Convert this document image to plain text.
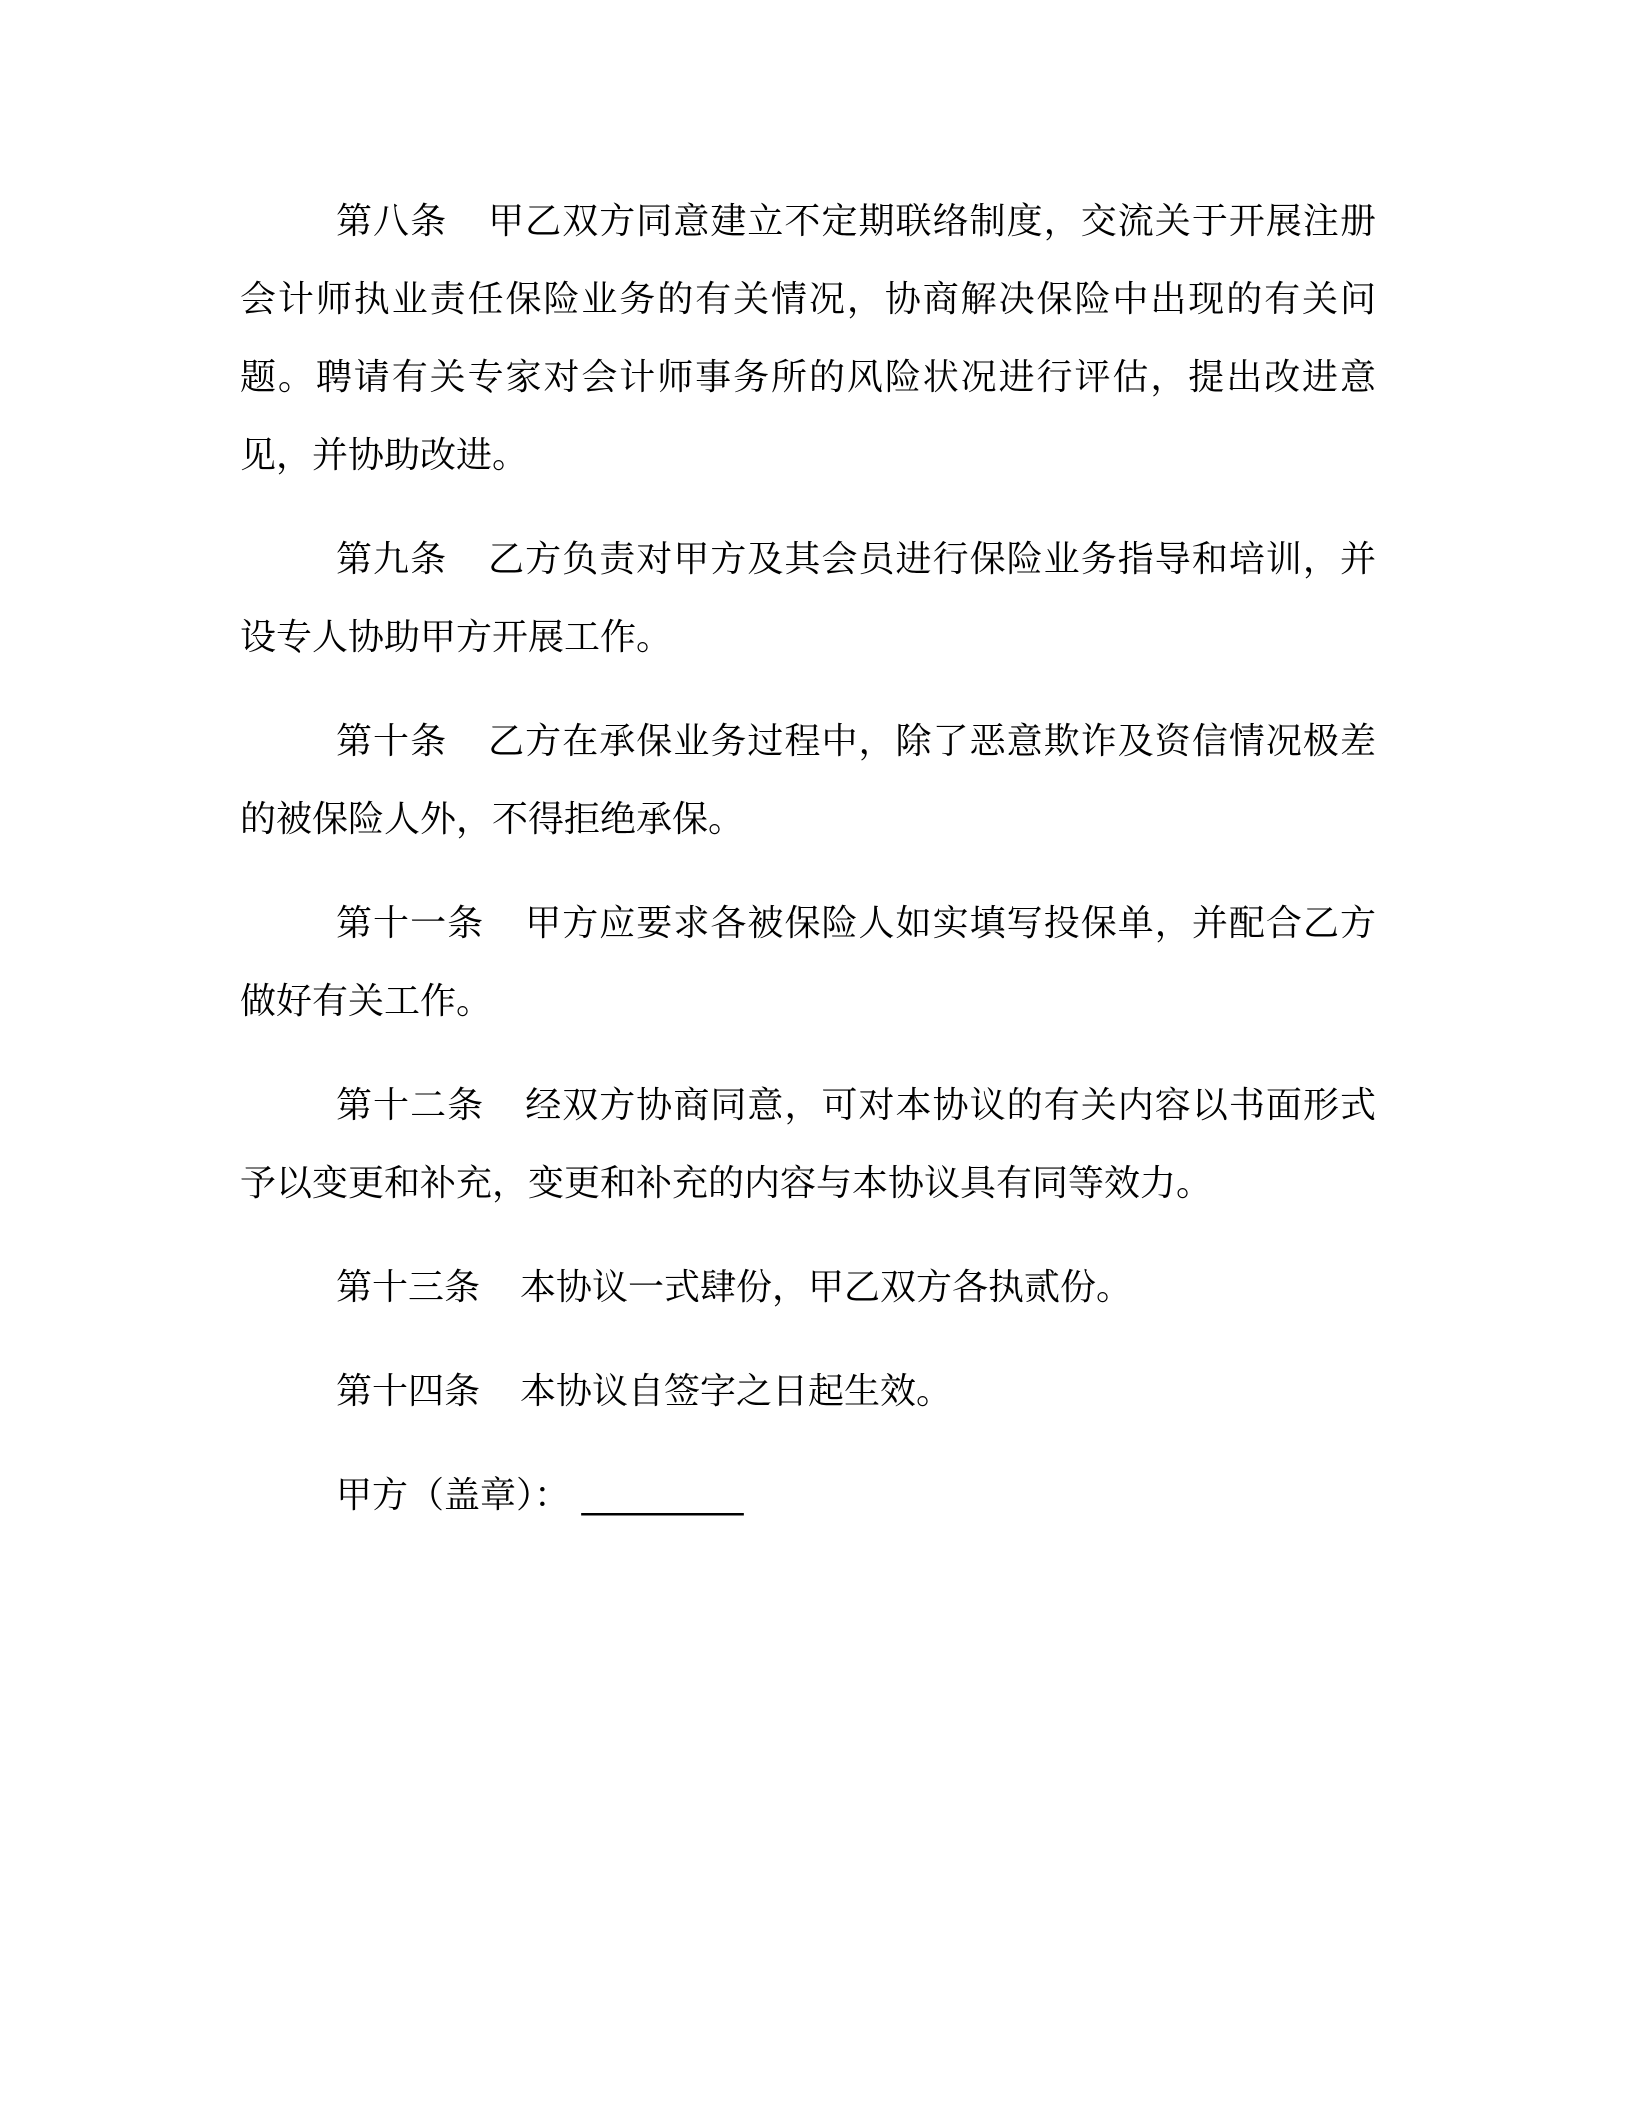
第八条 甲乙双方同意建立不定期联络制度，交流关于开展注册会计师执业责任保险业务的有关情况，协商解决保险中出现的有关问题。聘请有关专家对会计师事务所的风险状况进行评估，提出改进意见，并协助改进。

第九条 乙方负责对甲方及其会员进行保险业务指导和培训，并设专人协助甲方开展工作。

第十条 乙方在承保业务过程中，除了恶意欺诈及资信情况极差的被保险人外，不得拒绝承保。

第十一条 甲方应要求各被保险人如实填写投保单，并配合乙方做好有关工作。

第十二条 经双方协商同意，可对本协议的有关内容以书面形式予以变更和补充，变更和补充的内容与本协议具有同等效力。

第十三条 本协议一式肆份，甲乙双方各执贰份。

第十四条 本协议自签字之日起生效。

甲方（盖章）： _________
